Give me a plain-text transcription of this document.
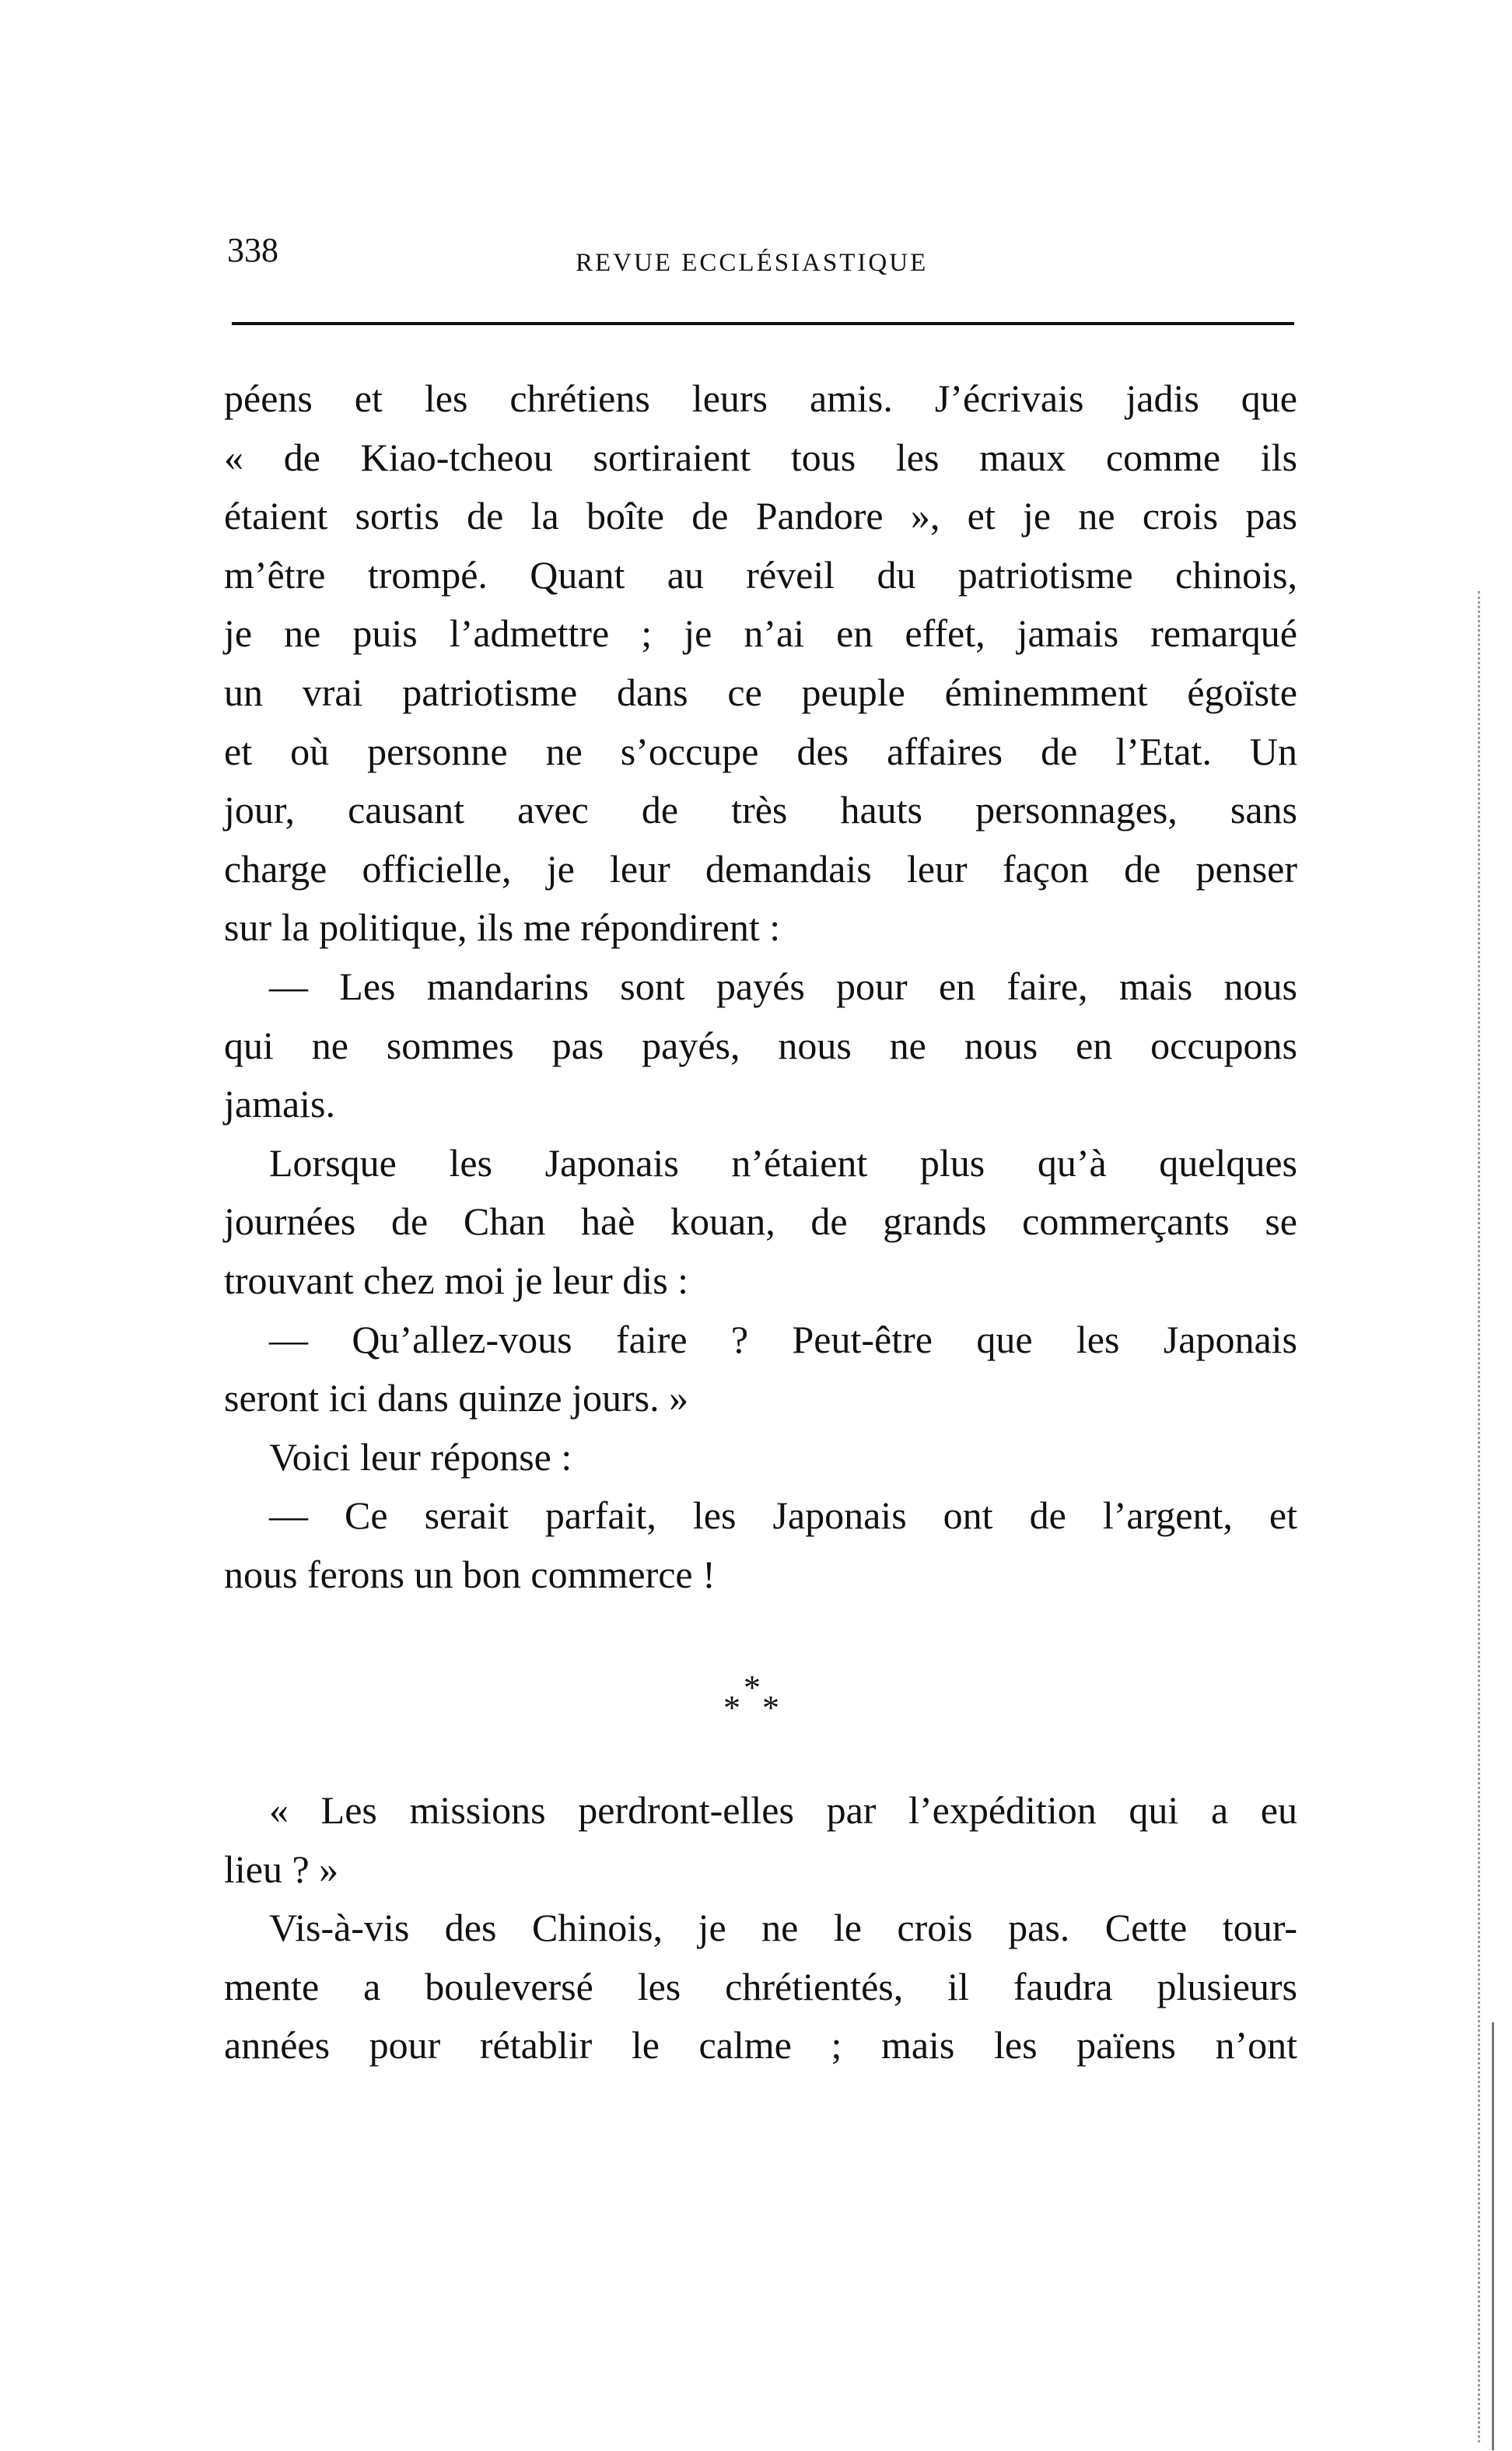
338	REVUE ECCLÉSIASTIQUE
péens et les chrétiens leurs amis. J’écrivais jadis que
« de Kiao-tcheou sortiraient tous les maux comme ils
étaient sortis de la boîte de Pandore », et je ne crois pas
m’être trompé. Quant au réveil du patriotisme chinois,
je ne puis l’admettre ; je n’ai en effet, jamais remarqué
un vrai patriotisme dans ce peuple éminemment égoïste
et où personne ne s’occupe des affaires de l’Etat. Un
jour, causant avec de très hauts personnages, sans
charge officielle, je leur demandais leur façon de penser
sur la politique, ils me répondirent :
— Les mandarins sont payés pour en faire, mais nous
qui ne sommes pas payés, nous ne nous en occupons
jamais.
Lorsque les Japonais n’étaient plus qu’à quelques
journées de Chan haè kouan, de grands commerçants se
trouvant chez moi je leur dis :
— Qu’allez-vous faire ? Peut-être que les Japonais
seront ici dans quinze jours. »
Voici leur réponse :
— Ce serait parfait, les Japonais ont de l’argent, et
nous ferons un bon commerce !
*
* *
« Les missions perdront-elles par l’expédition qui a eu
lieu ? »
Vis-à-vis des Chinois, je ne le crois pas. Cette tour-
mente a bouleversé les chrétientés, il faudra plusieurs
années pour rétablir le calme ; mais les païens n’ont
